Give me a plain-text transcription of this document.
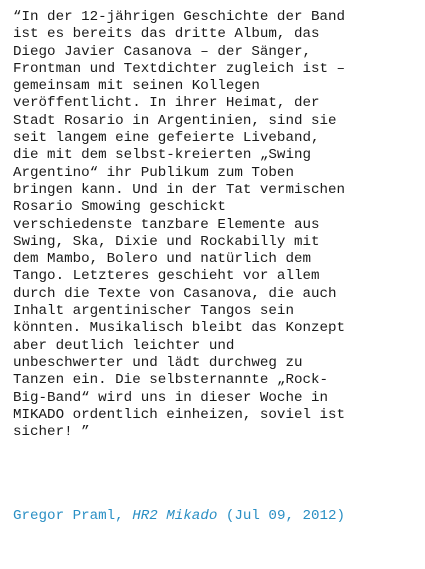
“In der 12-jährigen Geschichte der Band
ist es bereits das dritte Album, das
Diego Javier Casanova – der Sänger,
Frontman und Textdichter zugleich ist –
gemeinsam mit seinen Kollegen
veröffentlicht. In ihrer Heimat, der
Stadt Rosario in Argentinien, sind sie
seit langem eine gefeierte Liveband,
die mit dem selbst-kreierten „Swing
Argentino“ ihr Publikum zum Toben
bringen kann. Und in der Tat vermischen
Rosario Smowing geschickt
verschiedenste tanzbare Elemente aus
Swing, Ska, Dixie und Rockabilly mit
dem Mambo, Bolero und natürlich dem
Tango. Letzteres geschieht vor allem
durch die Texte von Casanova, die auch
Inhalt argentinischer Tangos sein
könnten. Musikalisch bleibt das Konzept
aber deutlich leichter und
unbeschwerter und lädt durchweg zu
Tanzen ein. Die selbsternannte „Rock-
Big-Band“ wird uns in dieser Woche in
MIKADO ordentlich einheizen, soviel ist
sicher! ”
Gregor Praml, HR2 Mikado (Jul 09, 2012)
